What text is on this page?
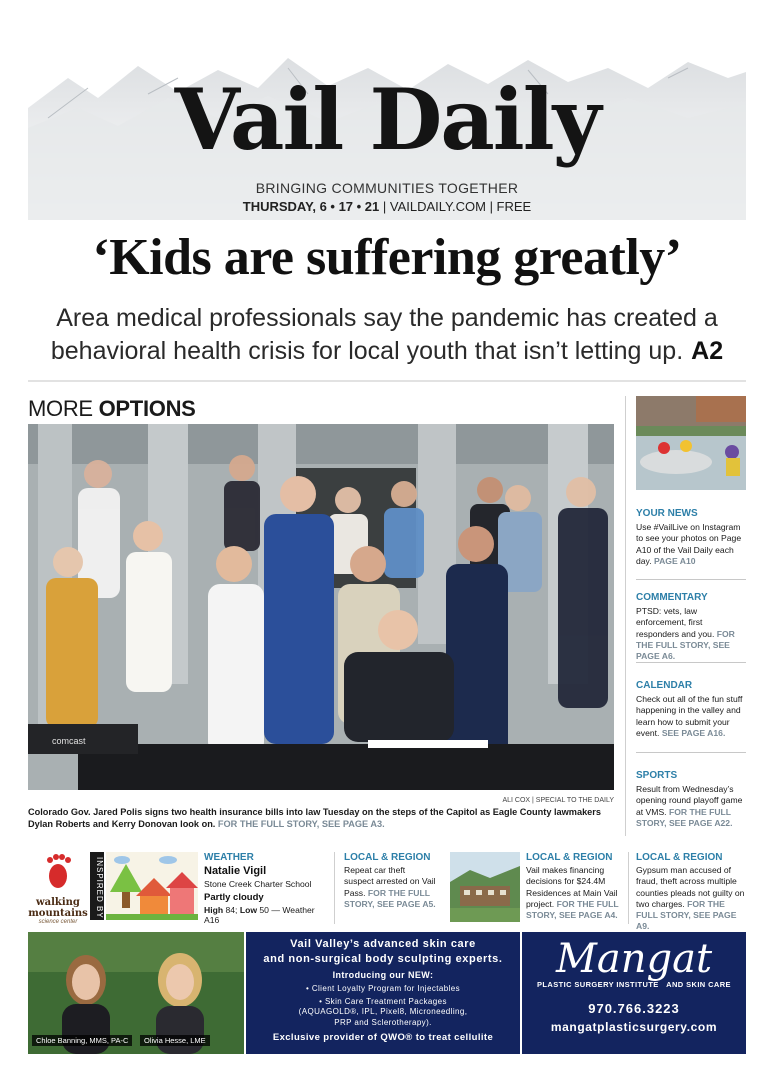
Vail Daily
BRINGING COMMUNITIES TOGETHER
THURSDAY, 6 • 17 • 21 | VAILDAILY.COM | FREE
‘Kids are suffering greatly’
Area medical professionals say the pandemic has created a behavioral health crisis for local youth that isn’t letting up. A2
MORE OPTIONS
comcast
ALI COX | SPECIAL TO THE DAILY
Colorado Gov. Jared Polis signs two health insurance bills into law Tuesday on the steps of the Capitol as Eagle County lawmakers Dylan Roberts and Kerry Donovan look on. FOR THE FULL STORY, SEE PAGE A3.
YOUR NEWS
Use #VailLive on Instagram to see your photos on Page A10 of the Vail Daily each day. PAGE A10
COMMENTARY
PTSD: vets, law enforcement, first responders and you. FOR THE FULL STORY, SEE PAGE A6.
CALENDAR
Check out all of the fun stuff happening in the valley and learn how to submit your event. SEE PAGE A16.
SPORTS
Result from Wednesday’s opening round playoff game at VMS. FOR THE FULL STORY, SEE PAGE A22.
walking
mountains
science center
INSPIRED BY	WEATHER
Natalie Vigil
Stone Creek Charter School
Partly cloudy
High 84; Low 50 — Weather A16
LOCAL & REGION
Repeat car theft suspect arrested on Vail Pass. FOR THE FULL STORY, SEE PAGE A5.
LOCAL & REGION
Vail makes financing decisions for $24.4M Residences at Main Vail project. FOR THE FULL STORY, SEE PAGE A4.
LOCAL & REGION
Gypsum man accused of fraud, theft across multiple counties pleads not guilty on two charges. FOR THE FULL STORY, SEE PAGE A9.
Chloe Banning, MMS, PA-C	Olivia Hesse, LME
Vail Valley’s advanced skin care
and non-surgical body sculpting experts.
Introducing our NEW:
• Client Loyalty Program for Injectables
• Skin Care Treatment Packages
(AQUAGOLD®, IPL, Pixel8, Microneedling,
PRP and Sclerotherapy).
Exclusive provider of QWO® to treat cellulite
Mangat
PLASTIC SURGERY INSTITUTE AND SKIN CARE
970.766.3223
mangatplasticsurgery.com
